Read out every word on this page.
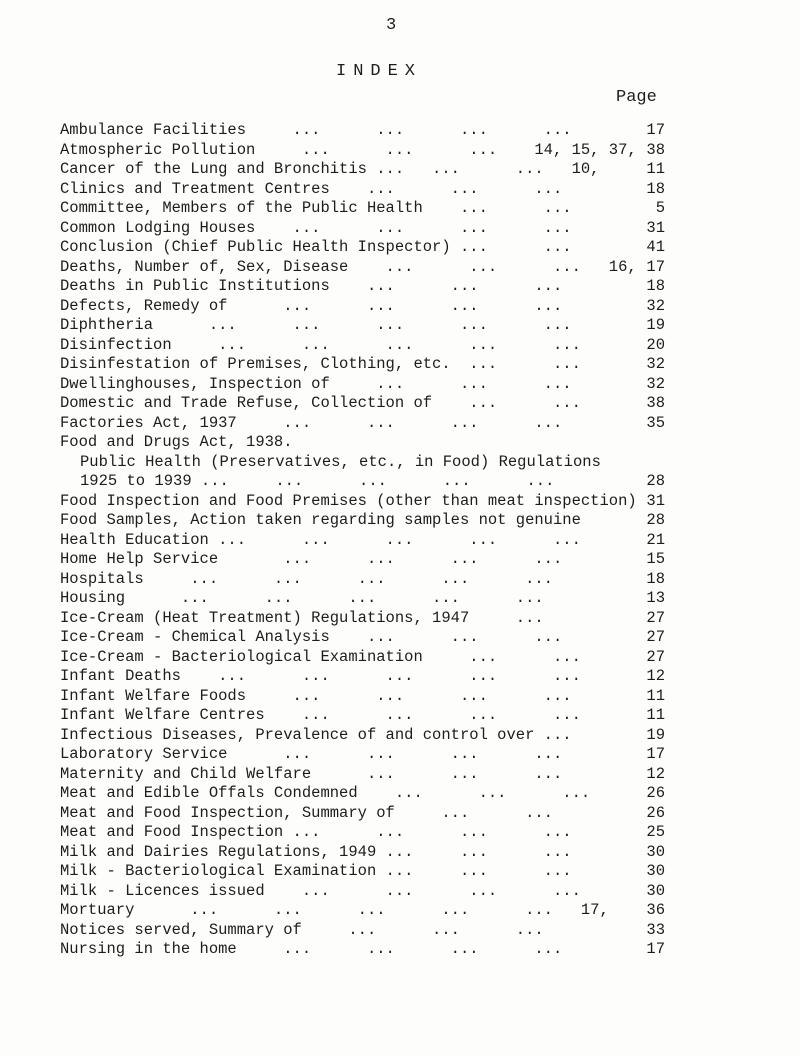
3
INDEX
Page
Ambulance Facilities     ...      ...      ...      ...	17
Atmospheric Pollution     ...      ...      ...    14, 15, 37, 38
Cancer of the Lung and Bronchitis ...   ...      ...   10,	11
Clinics and Treatment Centres    ...      ...      ...	18
Committee, Members of the Public Health    ...      ...	5
Common Lodging Houses    ...      ...      ...      ...	31
Conclusion (Chief Public Health Inspector) ...      ...	41
Deaths, Number of, Sex, Disease    ...      ...      ...   16, 17
Deaths in Public Institutions    ...      ...      ...	18
Defects, Remedy of      ...      ...      ...      ...	32
Diphtheria      ...      ...      ...      ...      ...	19
Disinfection     ...      ...      ...      ...      ...	20
Disinfestation of Premises, Clothing, etc.  ...      ...	32
Dwellinghouses, Inspection of     ...      ...      ...	32
Domestic and Trade Refuse, Collection of    ...      ...	38
Factories Act, 1937     ...      ...      ...      ...	35
Food and Drugs Act, 1938.
Public Health (Preservatives, etc., in Food) Regulations
1925 to 1939 ...     ...      ...      ...      ...	28
Food Inspection and Food Premises (other than meat inspection) 31
Food Samples, Action taken regarding samples not genuine	28
Health Education ...      ...      ...      ...      ...	21
Home Help Service       ...      ...      ...      ...	15
Hospitals     ...      ...      ...      ...      ...	18
Housing      ...      ...      ...      ...      ...	13
Ice-Cream (Heat Treatment) Regulations, 1947     ...	27
Ice-Cream - Chemical Analysis    ...      ...      ...	27
Ice-Cream - Bacteriological Examination     ...      ...	27
Infant Deaths    ...      ...      ...      ...      ...	12
Infant Welfare Foods     ...      ...      ...      ...	11
Infant Welfare Centres    ...      ...      ...      ...	11
Infectious Diseases, Prevalence of and control over ...	19
Laboratory Service      ...      ...      ...      ...	17
Maternity and Child Welfare      ...      ...      ...	12
Meat and Edible Offals Condemned    ...      ...      ...	26
Meat and Food Inspection, Summary of     ...      ...	26
Meat and Food Inspection ...      ...      ...      ...	25
Milk and Dairies Regulations, 1949 ...     ...      ...	30
Milk - Bacteriological Examination ...     ...      ...	30
Milk - Licences issued    ...      ...      ...      ...	30
Mortuary      ...      ...      ...      ...      ...   17, 36
Notices served, Summary of     ...      ...      ...	33
Nursing in the home     ...      ...      ...      ...	17
